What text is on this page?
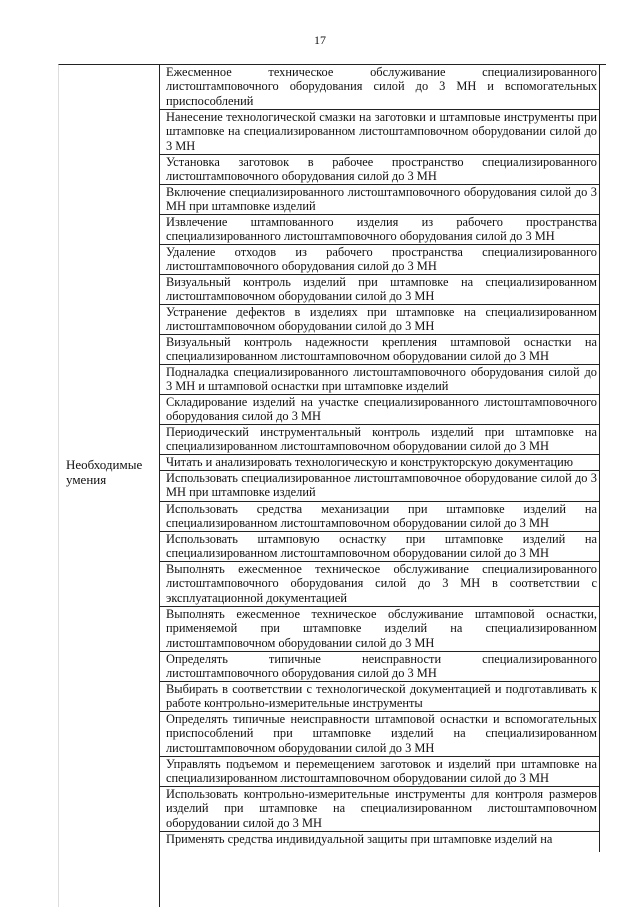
17
Необходимые умения
Ежесменное техническое обслуживание специализированного листоштамповочного оборудования силой до 3 МН и вспомогательных приспособлений
Нанесение технологической смазки на заготовки и штамповые инструменты при штамповке на специализированном листоштамповочном оборудовании силой до 3 МН
Установка заготовок в рабочее пространство специализированного листоштамповочного оборудования силой до 3 МН
Включение специализированного листоштамповочного оборудования силой до 3 МН при штамповке изделий
Извлечение штампованного изделия из рабочего пространства специализированного листоштамповочного оборудования силой до 3 МН
Удаление отходов из рабочего пространства специализированного листоштамповочного оборудования силой до 3 МН
Визуальный контроль изделий при штамповке на специализированном листоштамповочном оборудовании силой до 3 МН
Устранение дефектов в изделиях при штамповке на специализированном листоштамповочном оборудовании силой до 3 МН
Визуальный контроль надежности крепления штамповой оснастки на специализированном листоштамповочном оборудовании силой до 3 МН
Подналадка специализированного листоштамповочного оборудования силой до 3 МН и штамповой оснастки при штамповке изделий
Складирование изделий на участке специализированного листоштамповочного оборудования силой до 3 МН
Периодический инструментальный контроль изделий при штамповке на специализированном листоштамповочном оборудовании силой до 3 МН
Читать и анализировать технологическую и конструкторскую документацию
Использовать специализированное листоштамповочное оборудование силой до 3 МН при штамповке изделий
Использовать средства механизации при штамповке изделий на специализированном листоштамповочном оборудовании силой до 3 МН
Использовать штамповую оснастку при штамповке изделий на специализированном листоштамповочном оборудовании силой до 3 МН
Выполнять ежесменное техническое обслуживание специализированного листоштамповочного оборудования силой до 3 МН в соответствии с эксплуатационной документацией
Выполнять ежесменное техническое обслуживание штамповой оснастки, применяемой при штамповке изделий на специализированном листоштамповочном оборудовании силой до 3 МН
Определять типичные неисправности специализированного листоштамповочного оборудования силой до 3 МН
Выбирать в соответствии с технологической документацией и подготавливать к работе контрольно-измерительные инструменты
Определять типичные неисправности штамповой оснастки и вспомогательных приспособлений при штамповке изделий на специализированном листоштамповочном оборудовании силой до 3 МН
Управлять подъемом и перемещением заготовок и изделий при штамповке на специализированном листоштамповочном оборудовании силой до 3 МН
Использовать контрольно-измерительные инструменты для контроля размеров изделий при штамповке на специализированном листоштамповочном оборудовании силой до 3 МН
Применять средства индивидуальной защиты при штамповке изделий на
